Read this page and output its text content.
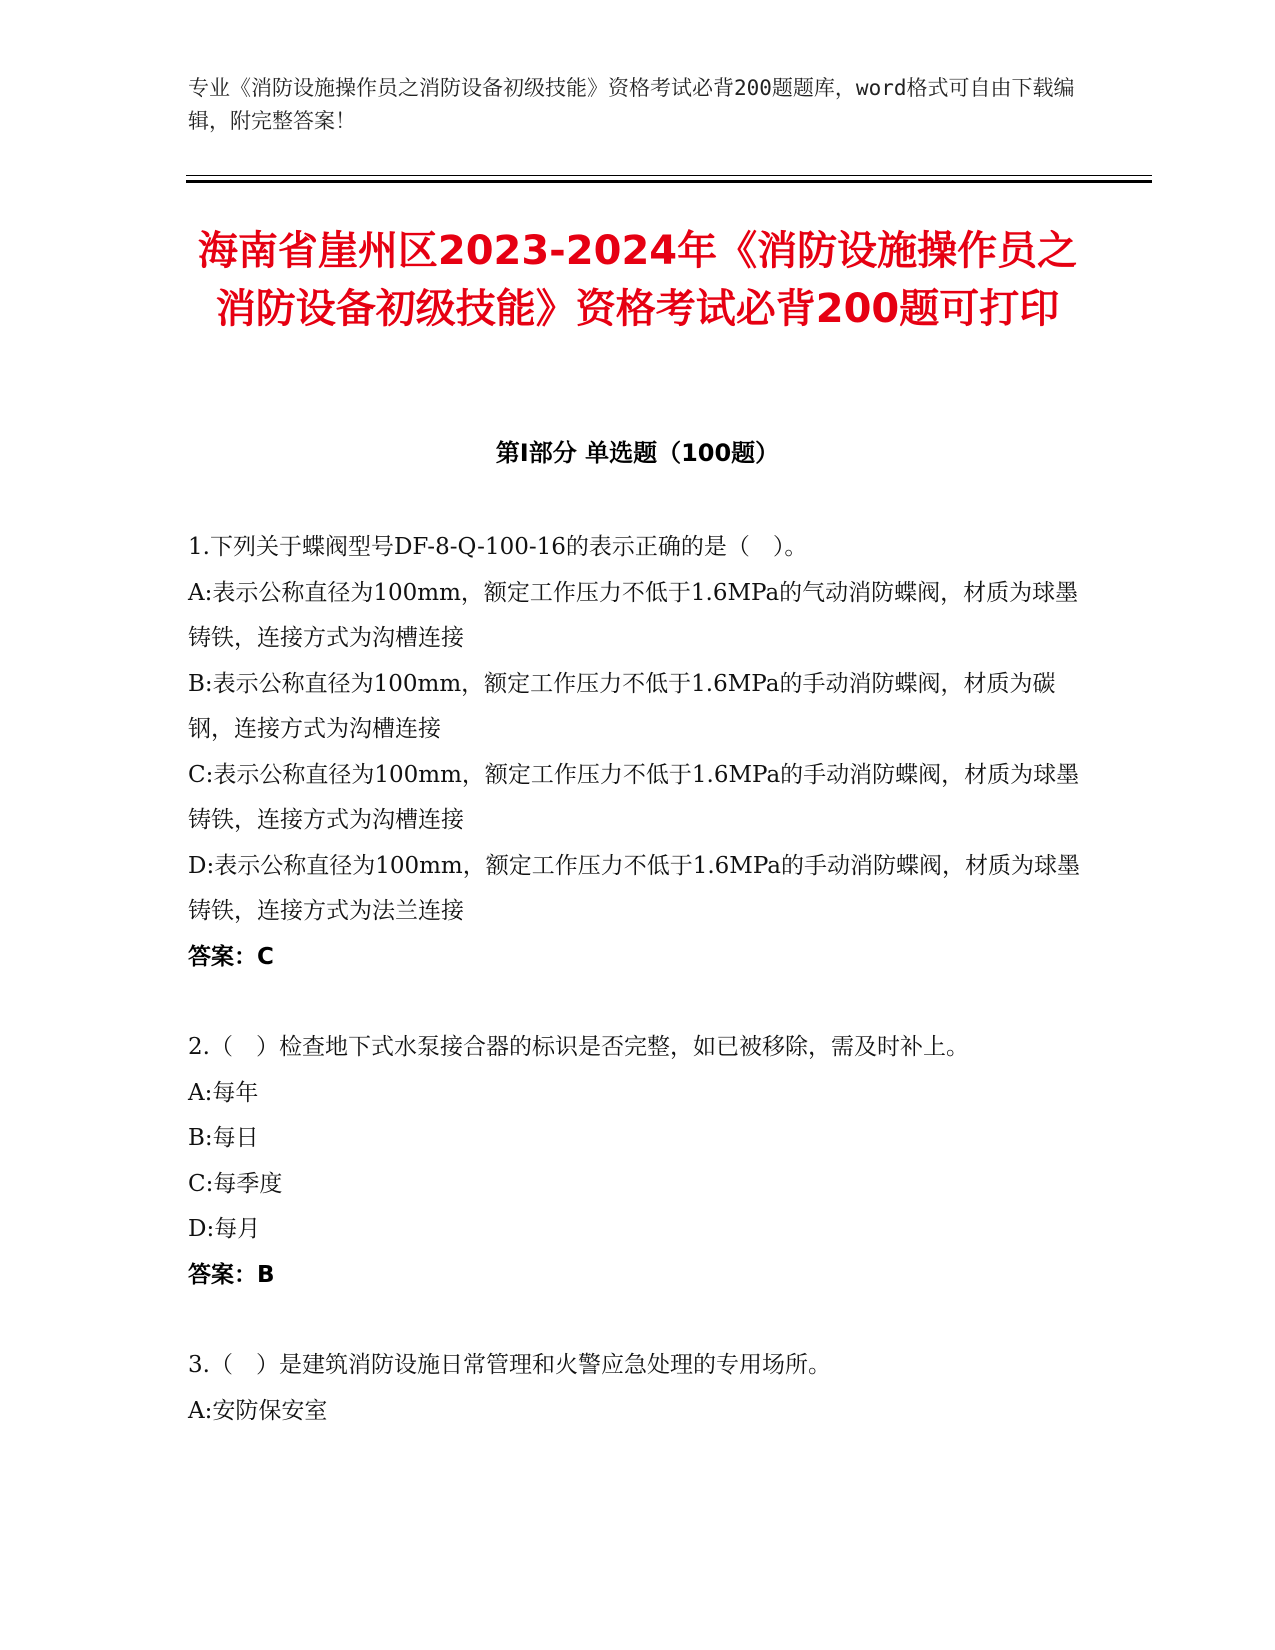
专业《消防设施操作员之消防设备初级技能》资格考试必背200题题库，word格式可自由下载编辑，附完整答案！
海南省崖州区2023-2024年《消防设施操作员之消防设备初级技能》资格考试必背200题可打印
第Ⅰ部分 单选题（100题）

1.下列关于蝶阀型号DF-8-Q-100-16的表示正确的是（　）。

A:表示公称直径为100mm，额定工作压力不低于1.6MPa的气动消防蝶阀，材质为球墨铸铁，连接方式为沟槽连接

B:表示公称直径为100mm，额定工作压力不低于1.6MPa的手动消防蝶阀，材质为碳钢，连接方式为沟槽连接

C:表示公称直径为100mm，额定工作压力不低于1.6MPa的手动消防蝶阀，材质为球墨铸铁，连接方式为沟槽连接

D:表示公称直径为100mm，额定工作压力不低于1.6MPa的手动消防蝶阀，材质为球墨铸铁，连接方式为法兰连接

答案：C

2.（　）检查地下式水泵接合器的标识是否完整，如已被移除，需及时补上。

A:每年

B:每日

C:每季度

D:每月

答案：B

3.（　）是建筑消防设施日常管理和火警应急处理的专用场所。

A:安防保安室
